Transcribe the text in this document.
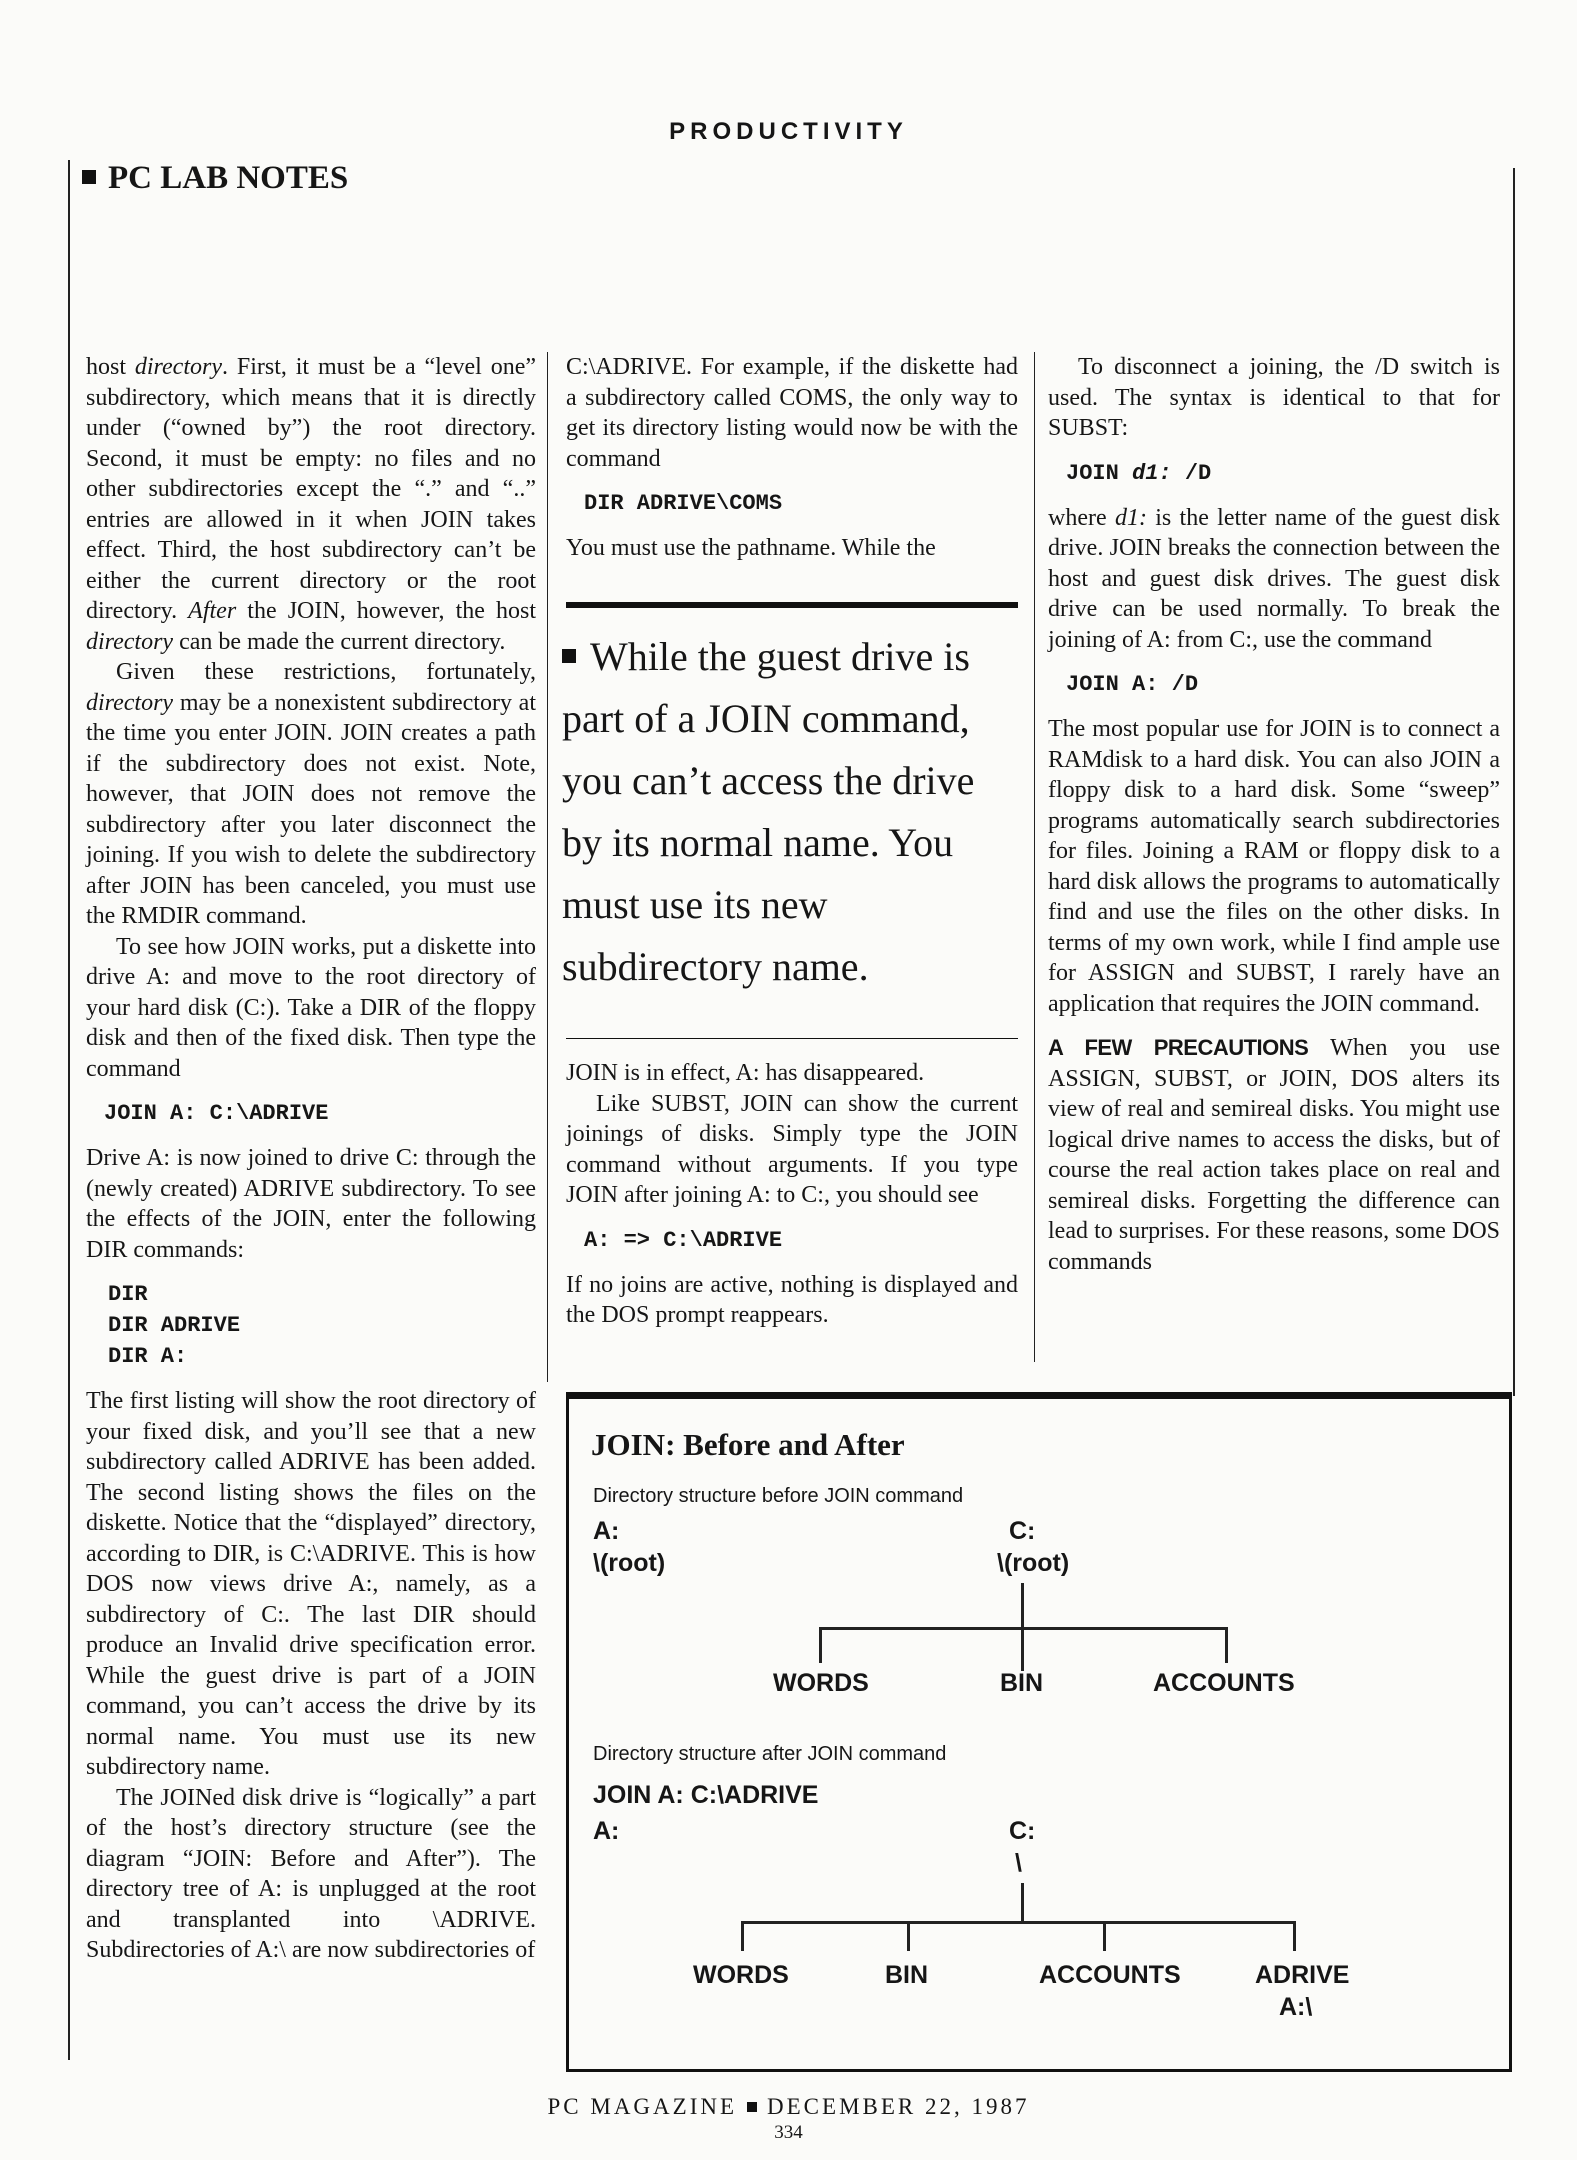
PRODUCTIVITY
PC LAB NOTES

host directory. First, it must be a “level one” subdirectory, which means that it is directly under (“owned by”) the root directory. Second, it must be empty: no files and no other subdirectories except the “.” and “..” entries are allowed in it when JOIN takes effect. Third, the host subdirectory can’t be either the current directory or the root directory. After the JOIN, however, the host directory can be made the current directory.

Given these restrictions, fortunately, directory may be a nonexistent subdirectory at the time you enter JOIN. JOIN creates a path if the subdirectory does not exist. Note, however, that JOIN does not remove the subdirectory after you later disconnect the joining. If you wish to delete the subdirectory after JOIN has been canceled, you must use the RMDIR command.

To see how JOIN works, put a diskette into drive A: and move to the root directory of your hard disk (C:). Take a DIR of the floppy disk and then of the fixed disk. Then type the command

JOIN A: C:\ADRIVE

Drive A: is now joined to drive C: through the (newly created) ADRIVE subdirectory. To see the effects of the JOIN, enter the following DIR commands:

DIR
DIR ADRIVE
DIR A:

The first listing will show the root directory of your fixed disk, and you’ll see that a new subdirectory called ADRIVE has been added. The second listing shows the files on the diskette. Notice that the “displayed” directory, according to DIR, is C:\ADRIVE. This is how DOS now views drive A:, namely, as a subdirectory of C:. The last DIR should produce an Invalid drive specification error. While the guest drive is part of a JOIN command, you can’t access the drive by its normal name. You must use its new subdirectory name.

The JOINed disk drive is “logically” a part of the host’s directory structure (see the diagram “JOIN: Before and After”). The directory tree of A: is unplugged at the root and transplanted into \ADRIVE. Subdirectories of A:\ are now subdirectories of

C:\ADRIVE. For example, if the diskette had a subdirectory called COMS, the only way to get its directory listing would now be with the command

DIR ADRIVE\COMS

You must use the pathname. While the

While the guest drive is part of a JOIN command, you can’t access the drive by its normal name. You must use its new subdirectory name.

JOIN is in effect, A: has disappeared.

Like SUBST, JOIN can show the current joinings of disks. Simply type the JOIN command without arguments. If you type JOIN after joining A: to C:, you should see

A: => C:\ADRIVE

If no joins are active, nothing is displayed and the DOS prompt reappears.

To disconnect a joining, the /D switch is used. The syntax is identical to that for SUBST:

JOIN d1: /D

where d1: is the letter name of the guest disk drive. JOIN breaks the connection between the host and guest disk drives. The guest disk drive can be used normally. To break the joining of A: from C:, use the command

JOIN A: /D

The most popular use for JOIN is to connect a RAMdisk to a hard disk. You can also JOIN a floppy disk to a hard disk. Some “sweep” programs automatically search subdirectories for files. Joining a RAM or floppy disk to a hard disk allows the programs to automatically find and use the files on the other disks. In terms of my own work, while I find ample use for ASSIGN and SUBST, I rarely have an application that requires the JOIN command.

A FEW PRECAUTIONS When you use ASSIGN, SUBST, or JOIN, DOS alters its view of real and semireal disks. You might use logical drive names to access the disks, but of course the real action takes place on real and semireal disks. Forgetting the difference can lead to surprises. For these reasons, some DOS commands

JOIN: Before and After
Directory structure before JOIN command
A:
\(root)
C:
\(root)
WORDS	BIN	ACCOUNTS
Directory structure after JOIN command
JOIN A: C:\ADRIVE
A:	C:
\
WORDS	BIN	ACCOUNTS	ADRIVE
A:\
PC MAGAZINE DECEMBER 22, 1987
334
